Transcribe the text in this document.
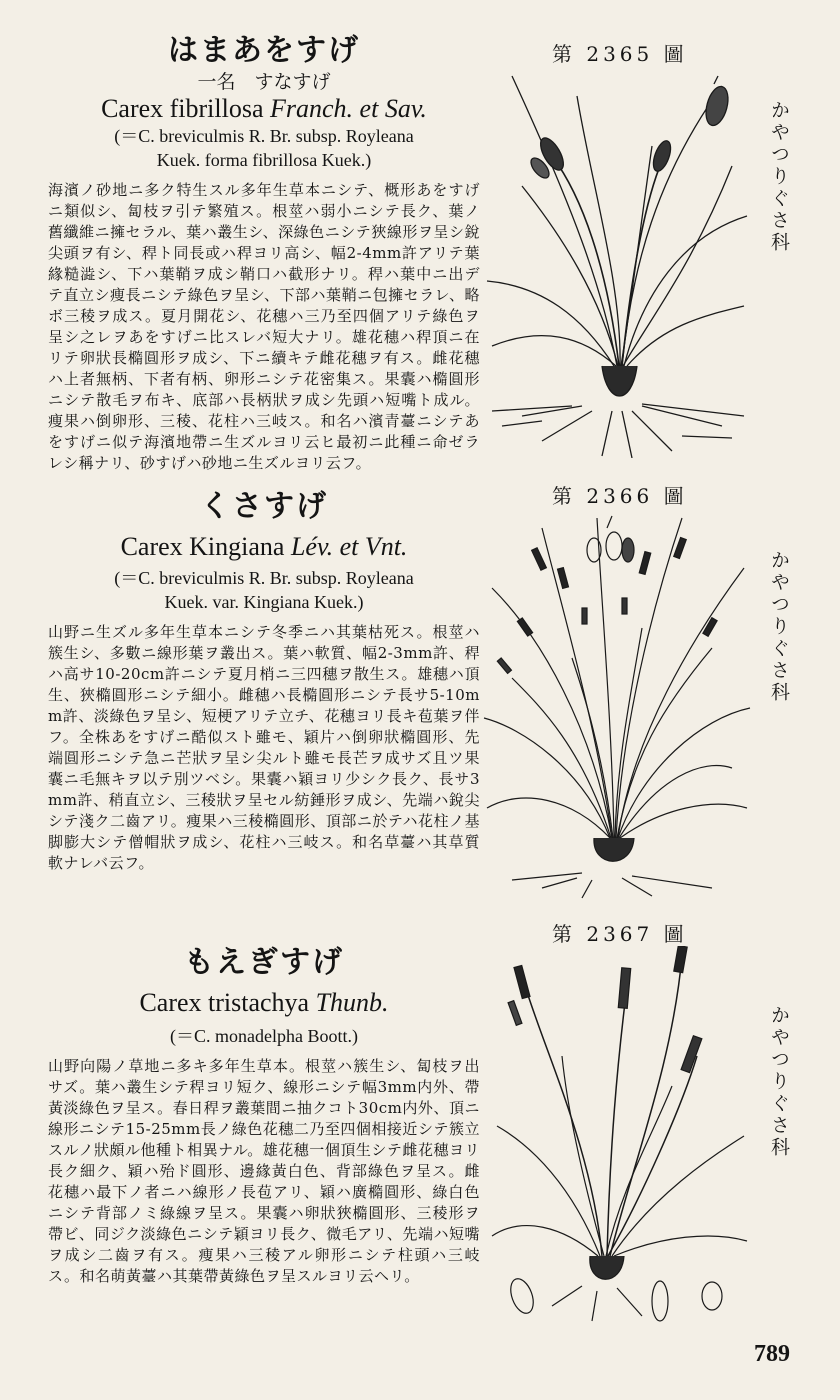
はまあをすげ
一名　すなすげ
Carex fibrillosa Franch. et Sav.
(＝C. breviculmis R. Br. subsp. Royleana
Kuek. forma fibrillosa Kuek.)
海濱ノ砂地ニ多ク特生スル多年生草本ニシテ、概形あをすげニ類似シ、匐枝ヲ引テ繁殖ス。根莖ハ弱小ニシテ長ク、葉ノ舊纖維ニ擁セラル、葉ハ叢生シ、深綠色ニシテ狹線形ヲ呈シ銳尖頭ヲ有シ、稈ト同長或ハ稈ヨリ高シ、幅2-4mm許アリテ葉緣糙澁シ、下ハ葉鞘ヲ成シ鞘口ハ截形ナリ。稈ハ葉中ニ出デテ直立シ痩長ニシテ綠色ヲ呈シ、下部ハ葉鞘ニ包擁セラレ、略ボ三稜ヲ成ス。夏月開花シ、花穗ハ三乃至四個アリテ綠色ヲ呈シ之レヲあをすげニ比スレバ短大ナリ。雄花穗ハ稈頂ニ在リテ卵狀長橢圓形ヲ成シ、下ニ續キテ雌花穗ヲ有ス。雌花穗ハ上者無柄、下者有柄、卵形ニシテ花密集ス。果囊ハ橢圓形ニシテ散毛ヲ布キ、底部ハ長柄狀ヲ成シ先頭ハ短嘴ト成ル。痩果ハ倒卵形、三稜、花柱ハ三岐ス。和名ハ濱青薹ニシテあをすげニ似テ海濱地帶ニ生ズルヨリ云ヒ最初ニ此種ニ命ゼラレシ稱ナリ、砂すげハ砂地ニ生ズルヨリ云フ。
第 2365 圖
かやつりぐさ科
くさすげ
Carex Kingiana Lév. et Vnt.
(＝C. breviculmis R. Br. subsp. Royleana
Kuek. var. Kingiana Kuek.)
山野ニ生ズル多年生草本ニシテ冬季ニハ其葉枯死ス。根莖ハ簇生シ、多數ニ線形葉ヲ叢出ス。葉ハ軟質、幅2-3mm許、稈ハ高サ10-20cm許ニシテ夏月梢ニ三四穗ヲ散生ス。雄穗ハ頂生、狹橢圓形ニシテ細小。雌穗ハ長橢圓形ニシテ長サ5-10mm許、淡綠色ヲ呈シ、短梗アリテ立チ、花穗ヨリ長キ苞葉ヲ伴フ。全株あをすげニ酷似スト雖モ、穎片ハ倒卵狀橢圓形、先端圓形ニシテ急ニ芒狀ヲ呈シ尖ルト雖モ長芒ヲ成サズ且ツ果囊ニ毛無キヲ以テ別ツベシ。果囊ハ穎ヨリ少シク長ク、長サ3mm許、稍直立シ、三稜狀ヲ呈セル紡錘形ヲ成シ、先端ハ銳尖シテ淺ク二齒アリ。痩果ハ三稜橢圓形、頂部ニ於テハ花柱ノ基脚膨大シテ僧帽狀ヲ成シ、花柱ハ三岐ス。和名草薹ハ其草質軟ナレバ云フ。
第 2366 圖
かやつりぐさ科
もえぎすげ
Carex tristachya Thunb.
(＝C. monadelpha Boott.)
山野向陽ノ草地ニ多キ多年生草本。根莖ハ簇生シ、匐枝ヲ出サズ。葉ハ叢生シテ稈ヨリ短ク、線形ニシテ幅3mm内外、帶黃淡綠色ヲ呈ス。春日稈ヲ叢葉間ニ抽クコト30cm内外、頂ニ線形ニシテ15-25mm長ノ綠色花穗二乃至四個相接近シテ簇立スルノ狀頗ル他種ト相異ナル。雄花穗一個頂生シテ雌花穗ヨリ長ク細ク、穎ハ殆ド圓形、邊緣黃白色、背部綠色ヲ呈ス。雌花穗ハ最下ノ者ニハ線形ノ長苞アリ、穎ハ廣橢圓形、綠白色ニシテ背部ノミ綠線ヲ呈ス。果囊ハ卵狀狹橢圓形、三稜形ヲ帶ビ、同ジク淡綠色ニシテ穎ヨリ長ク、微毛アリ、先端ハ短嘴ヲ成シ二齒ヲ有ス。痩果ハ三稜アル卵形ニシテ柱頭ハ三岐ス。和名萌黃薹ハ其葉帶黃綠色ヲ呈スルヨリ云ヘリ。
第 2367 圖
かやつりぐさ科
789
